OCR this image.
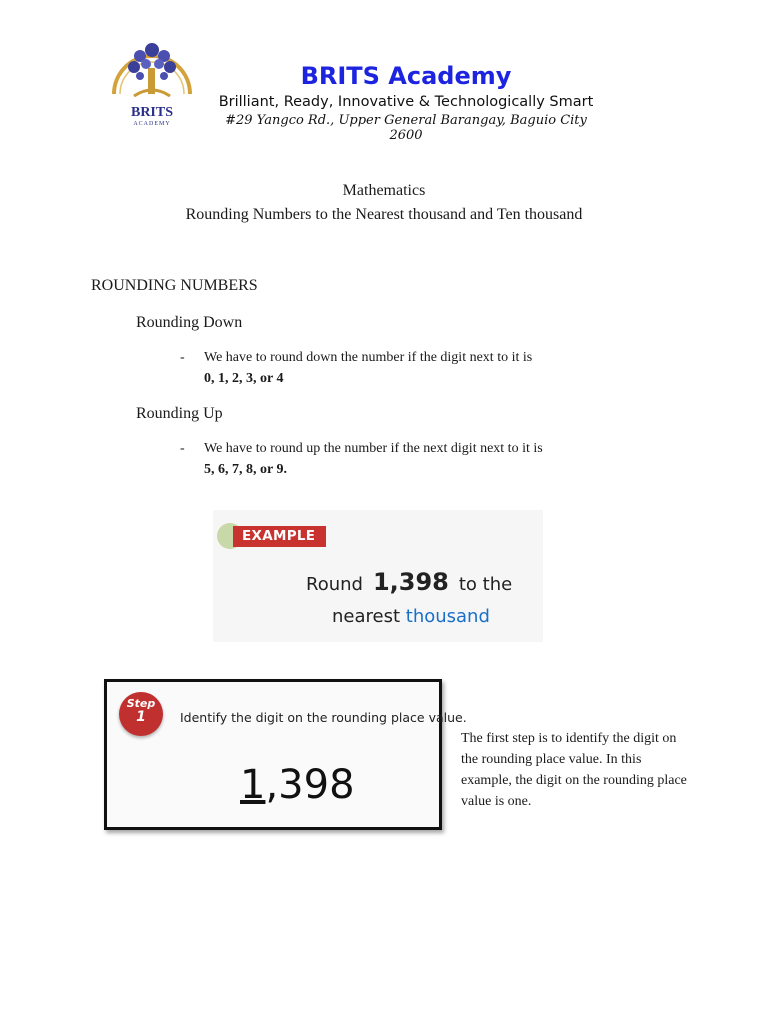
BRITS
ACADEMY
BRITS Academy
Brilliant, Ready, Innovative & Technologically Smart
#29 Yangco Rd., Upper General Barangay, Baguio City 2600
Mathematics
Rounding Numbers to the Nearest thousand and Ten thousand
ROUNDING NUMBERS
Rounding Down
- We have to round down the number if the digit next to it is
0, 1, 2, 3, or 4
Rounding Up
- We have to round up the number if the next digit next to it is
5, 6, 7, 8, or 9.
EXAMPLE
Round 1,398 to the
nearest thousand
Step
1	Identify the digit on the rounding place value.
1,398
The first step is to identify the digit on the rounding place value. In this example, the digit on the rounding place value is one.
